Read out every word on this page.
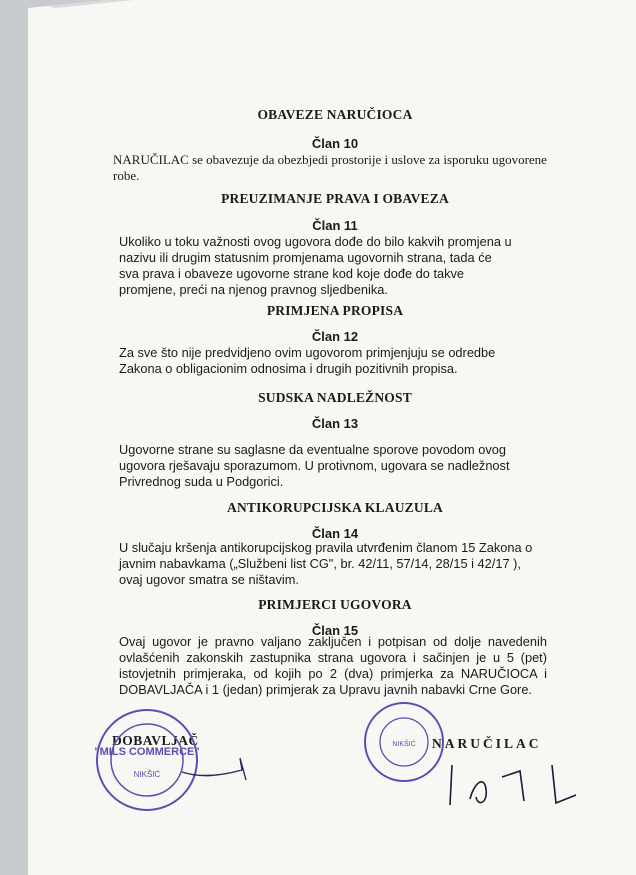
OBAVEZE NARUČIOCA
Član 10
NARUČILAC se obavezuje da obezbjedi prostorije i uslove za isporuku ugovorene robe.
PREUZIMANJE PRAVA I OBAVEZA
Član 11
Ukoliko u toku važnosti ovog ugovora dođe do bilo kakvih promjena u nazivu ili drugim statusnim promjenama ugovornih strana, tada će sva prava i obaveze ugovorne strane kod koje dođe do takve promjene, preći na njenog pravnog sljedbenika.
PRIMJENA PROPISA
Član 12
Za sve što nije predvidjeno ovim ugovorom primjenjuju se odredbe Zakona o obligacionim odnosima i drugih pozitivnih propisa.
SUDSKA NADLEŽNOST
Član 13
Ugovorne strane su saglasne da eventualne sporove povodom ovog ugovora rješavaju sporazumom. U protivnom, ugovara se nadležnost Privrednog suda u Podgorici.
ANTIKORUPCIJSKA KLAUZULA
Član 14
U slučaju kršenja antikorupcijskog pravila utvrđenim članom 15 Zakona o javnim nabavkama („Službeni list CG", br. 42/11, 57/14, 28/15 i 42/17 ), ovaj ugovor smatra se ništavim.
PRIMJERCI UGOVORA
Član 15
Ovaj ugovor je pravno valjano zaključen i potpisan od dolje navedenih ovlašćenih zakonskih zastupnika strana ugovora i sačinjen je u 5 (pet) istovjetnih primjeraka, od kojih po 2 (dva) primjerka za NARUČIOCA i DOBAVLJAČA i 1 (jedan) primjerak za Upravu javnih nabavki Crne Gore.
DOBAVLJAČ	NARUČILAC
"MILS COMMERCE"
NIKŠIĆ
NIKŠIĆ
